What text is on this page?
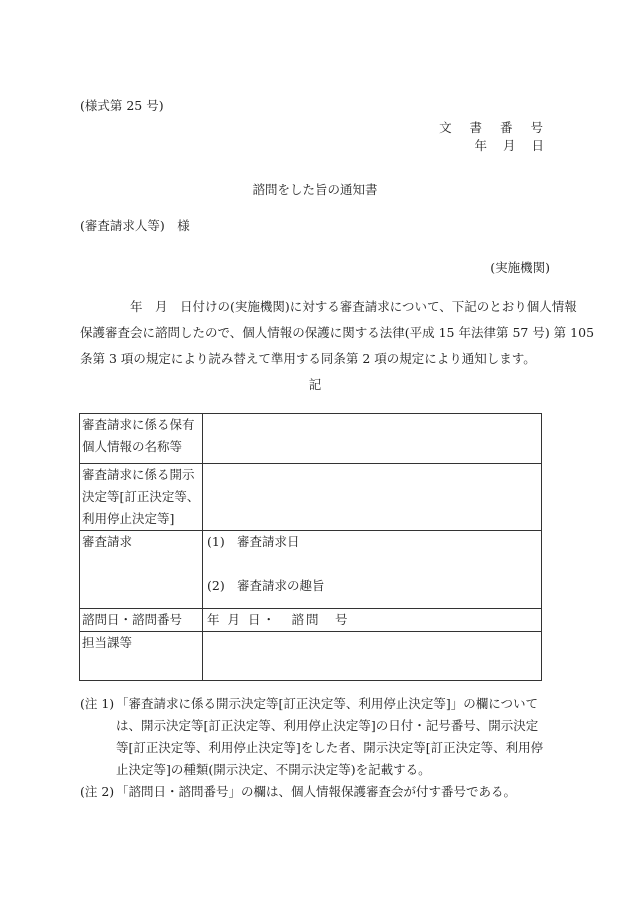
(様式第 25 号)
文 書 番 号
年 月 日
諮問をした旨の通知書
(審査請求人等)　様
(実施機関)
　　　　年　月　日付けの(実施機関)に対する審査請求について、下記のとおり個人情報
保護審査会に諮問したので、個人情報の保護に関する法律(平成 15 年法律第 57 号) 第 105
条第 3 項の規定により読み替えて準用する同条第 2 項の規定により通知します。
記
審査請求に係る保有個人情報の名称等	
審査請求に係る開示決定等[訂正決定等、利用停止決定等]	
審査請求	(1) 審査請求日
(2) 審査請求の趣旨

諮問日・諮問番号	年 月 日・　諮問　号
担当課等	
(注 1) 「審査請求に係る開示決定等[訂正決定等、利用停止決定等]」の欄については、開示決定等[訂正決定等、利用停止決定等]の日付・記号番号、開示決定等[訂正決定等、利用停止決定等]をした者、開示決定等[訂正決定等、利用停止決定等]の種類(開示決定、不開示決定等)を記載する。
(注 2) 「諮問日・諮問番号」の欄は、個人情報保護審査会が付す番号である。
